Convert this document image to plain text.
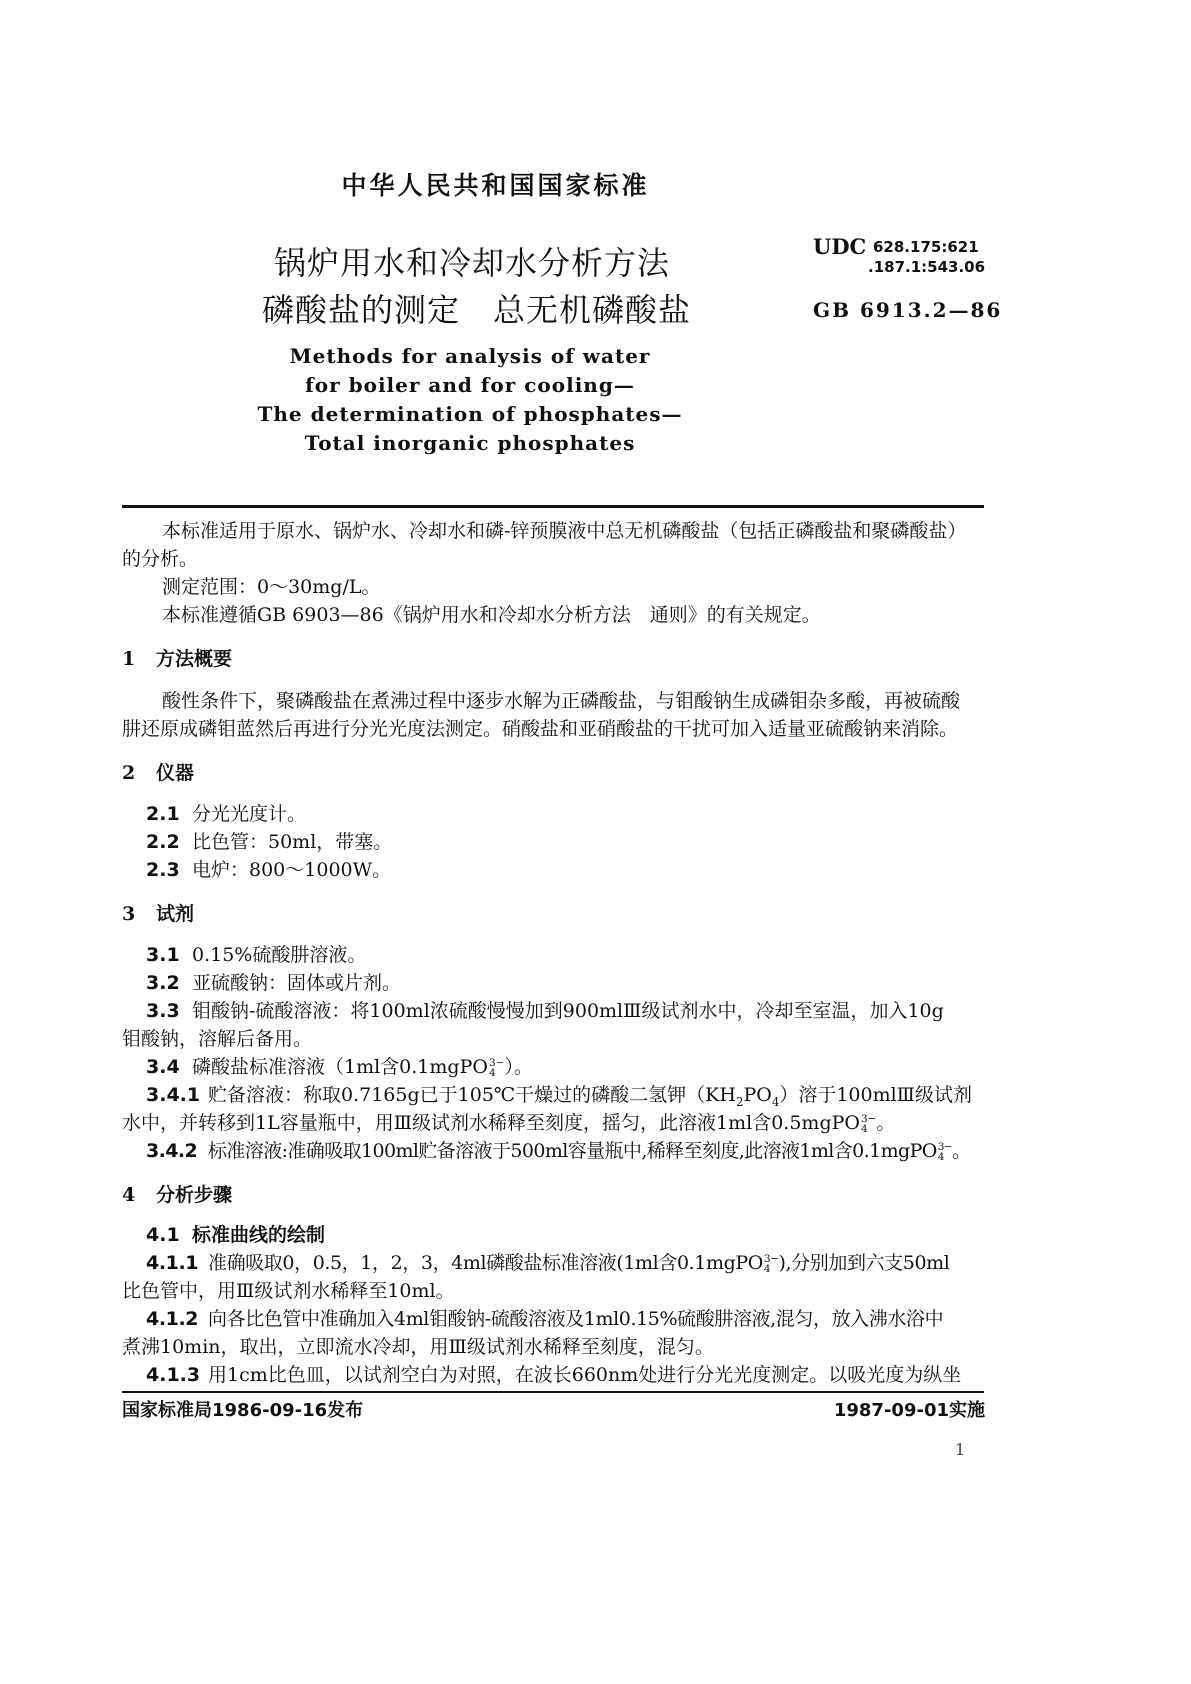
中华人民共和国国家标准
锅炉用水和冷却水分析方法
磷酸盐的测定　总无机磷酸盐
UDC 628.175:621
.187.1:543.06
GB 6913.2—86
Methods for analysis of water
for boiler and for cooling—
The determination of phosphates—
Total inorganic phosphates
本标准适用于原水、锅炉水、冷却水和磷-锌预膜液中总无机磷酸盐（包括正磷酸盐和聚磷酸盐）
的分析。
测定范围：0～30mg/L。
本标准遵循GB 6903—86《锅炉用水和冷却水分析方法　通则》的有关规定。
1 方法概要
酸性条件下，聚磷酸盐在煮沸过程中逐步水解为正磷酸盐，与钼酸钠生成磷钼杂多酸，再被硫酸
肼还原成磷钼蓝然后再进行分光光度法测定。硝酸盐和亚硝酸盐的干扰可加入适量亚硫酸钠来消除。
2 仪器
2.1 分光光度计。
2.2 比色管：50ml，带塞。
2.3 电炉：800～1000W。
3 试剂
3.1 0.15%硫酸肼溶液。
3.2 亚硫酸钠：固体或片剂。
3.3 钼酸钠-硫酸溶液：将100ml浓硫酸慢慢加到900mlⅢ级试剂水中，冷却至室温，加入10g
钼酸钠，溶解后备用。
3.4 磷酸盐标准溶液（1ml含0.1mgPO 3−
4 ）。
3.4.1 贮备溶液：称取0.7165g已于105℃干燥过的磷酸二氢钾$(KH_2PO_4)$溶于100mlⅢ级试剂
水中，并转移到1L容量瓶中，用Ⅲ级试剂水稀释至刻度，摇匀，此溶液1ml含0.5mgPO 3−
4 。
3.4.2 标准溶液:准确吸取100ml贮备溶液于500ml容量瓶中,稀释至刻度,此溶液1ml含0.1mgPO 3−
4 。
4 分析步骤
4.1 标准曲线的绘制
4.1.1 准确吸取0，0.5，1，2，3，4ml磷酸盐标准溶液(1ml含0.1mgPO 3−
4 ),分别加到六支50ml
比色管中，用Ⅲ级试剂水稀释至10ml。
4.1.2 向各比色管中准确加入4ml钼酸钠-硫酸溶液及1ml0.15%硫酸肼溶液,混匀，放入沸水浴中
煮沸10min，取出，立即流水冷却，用Ⅲ级试剂水稀释至刻度，混匀。
4.1.3 用1cm比色皿，以试剂空白为对照，在波长660nm处进行分光光度测定。以吸光度为纵坐
国家标准局1986-09-16发布	1987-09-01实施
1
